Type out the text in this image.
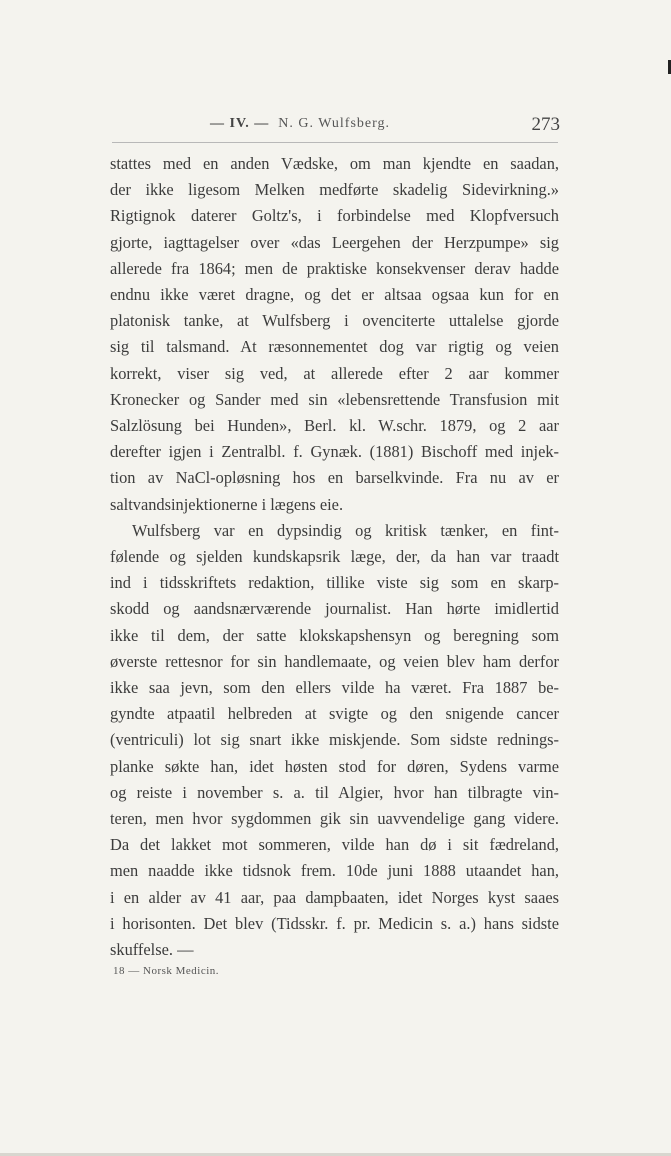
— IV. — N. G. Wulfsberg.	273

stattes med en anden Vædske, om man kjendte en saadan,

der ikke ligesom Melken medførte skadelig Sidevirkning.»

Rigtignok daterer Goltz's, i forbindelse med Klopfversuch

gjorte, iagttagelser over «das Leergehen der Herzpumpe» sig

allerede fra 1864; men de praktiske konsekvenser derav hadde

endnu ikke været dragne, og det er altsaa ogsaa kun for en

platonisk tanke, at Wulfsberg i ovenciterte uttalelse gjorde

sig til talsmand. At ræsonnementet dog var rigtig og veien

korrekt, viser sig ved, at allerede efter 2 aar kommer

Kronecker og Sander med sin «lebensrettende Transfusion mit

Salzlösung bei Hunden», Berl. kl. W.schr. 1879, og 2 aar

derefter igjen i Zentralbl. f. Gynæk. (1881) Bischoff med injek-

tion av NaCl-opløsning hos en barselkvinde. Fra nu av er

saltvandsinjektionerne i lægens eie.

Wulfsberg var en dypsindig og kritisk tænker, en fint-

følende og sjelden kundskapsrik læge, der, da han var traadt

ind i tidsskriftets redaktion, tillike viste sig som en skarp-

skodd og aandsnærværende journalist. Han hørte imidlertid

ikke til dem, der satte klokskapshensyn og beregning som

øverste rettesnor for sin handlemaate, og veien blev ham derfor

ikke saa jevn, som den ellers vilde ha været. Fra 1887 be-

gyndte atpaatil helbreden at svigte og den snigende cancer

(ventriculi) lot sig snart ikke miskjende. Som sidste rednings-

planke søkte han, idet høsten stod for døren, Sydens varme

og reiste i november s. a. til Algier, hvor han tilbragte vin-

teren, men hvor sygdommen gik sin uavvendelige gang videre.

Da det lakket mot sommeren, vilde han dø i sit fædreland,

men naadde ikke tidsnok frem. 10de juni 1888 utaandet han,

i en alder av 41 aar, paa dampbaaten, idet Norges kyst saaes

i horisonten. Det blev (Tidsskr. f. pr. Medicin s. a.) hans sidste

skuffelse. —

18 — Norsk Medicin.
